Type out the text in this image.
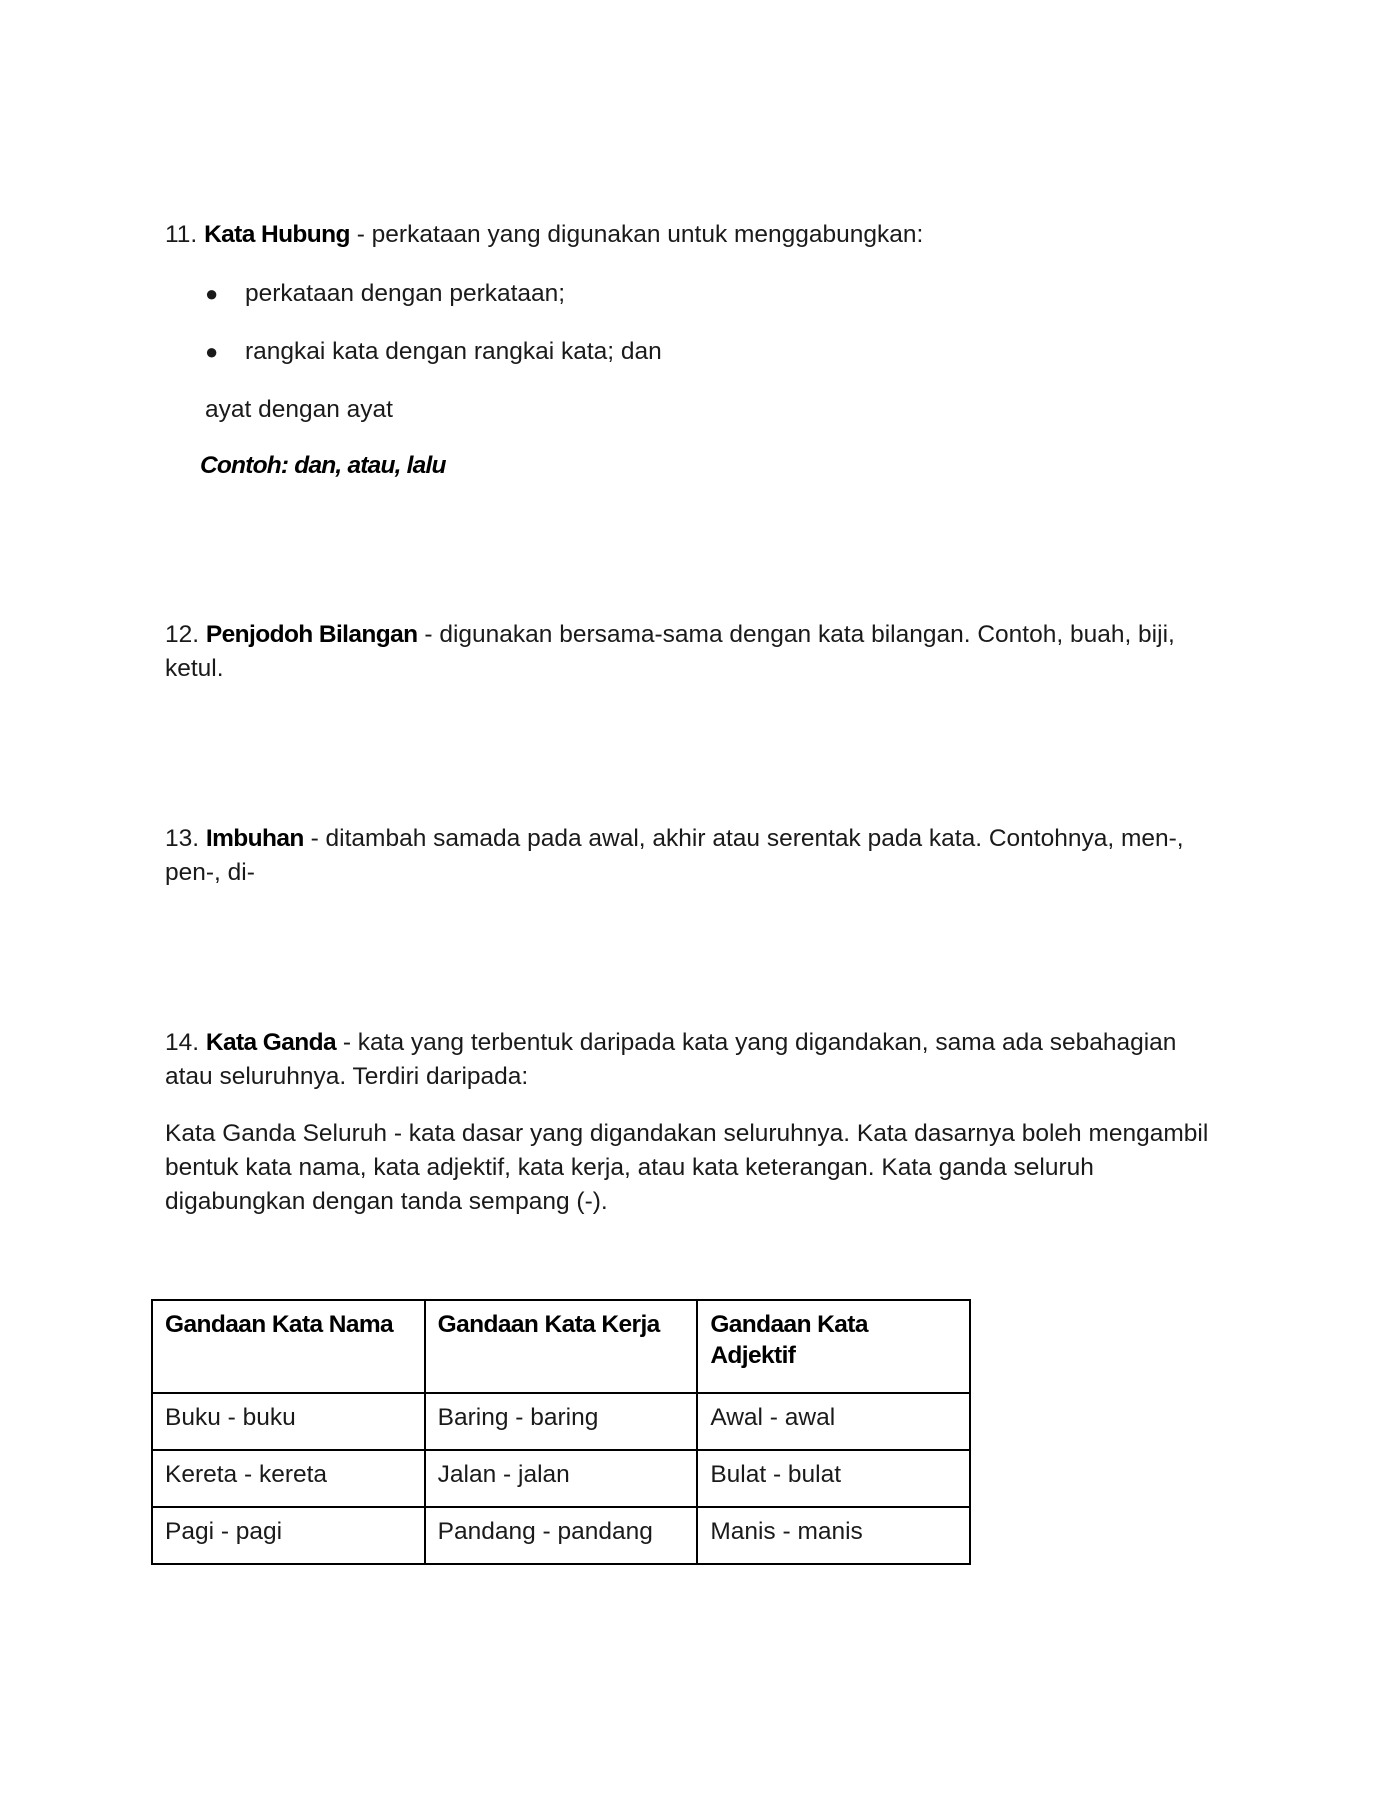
11. Kata Hubung - perkataan yang digunakan untuk menggabungkan:

● perkataan dengan perkataan;
● rangkai kata dengan rangkai kata; dan
ayat dengan ayat
Contoh: dan, atau, lalu

12. Penjodoh Bilangan - digunakan bersama-sama dengan kata bilangan. Contoh, buah, biji, ketul.

13. Imbuhan - ditambah samada pada awal, akhir atau serentak pada kata. Contohnya, men-, pen-, di-

14. Kata Ganda - kata yang terbentuk daripada kata yang digandakan, sama ada sebahagian atau seluruhnya. Terdiri daripada:

Kata Ganda Seluruh - kata dasar yang digandakan seluruhnya. Kata dasarnya boleh mengambil bentuk kata nama, kata adjektif, kata kerja, atau kata keterangan. Kata ganda seluruh digabungkan dengan tanda sempang (-).

Gandaan Kata Nama	Gandaan Kata Kerja	Gandaan Kata Adjektif
Buku - buku	Baring - baring	Awal - awal
Kereta - kereta	Jalan - jalan	Bulat - bulat
Pagi - pagi	Pandang - pandang	Manis - manis
